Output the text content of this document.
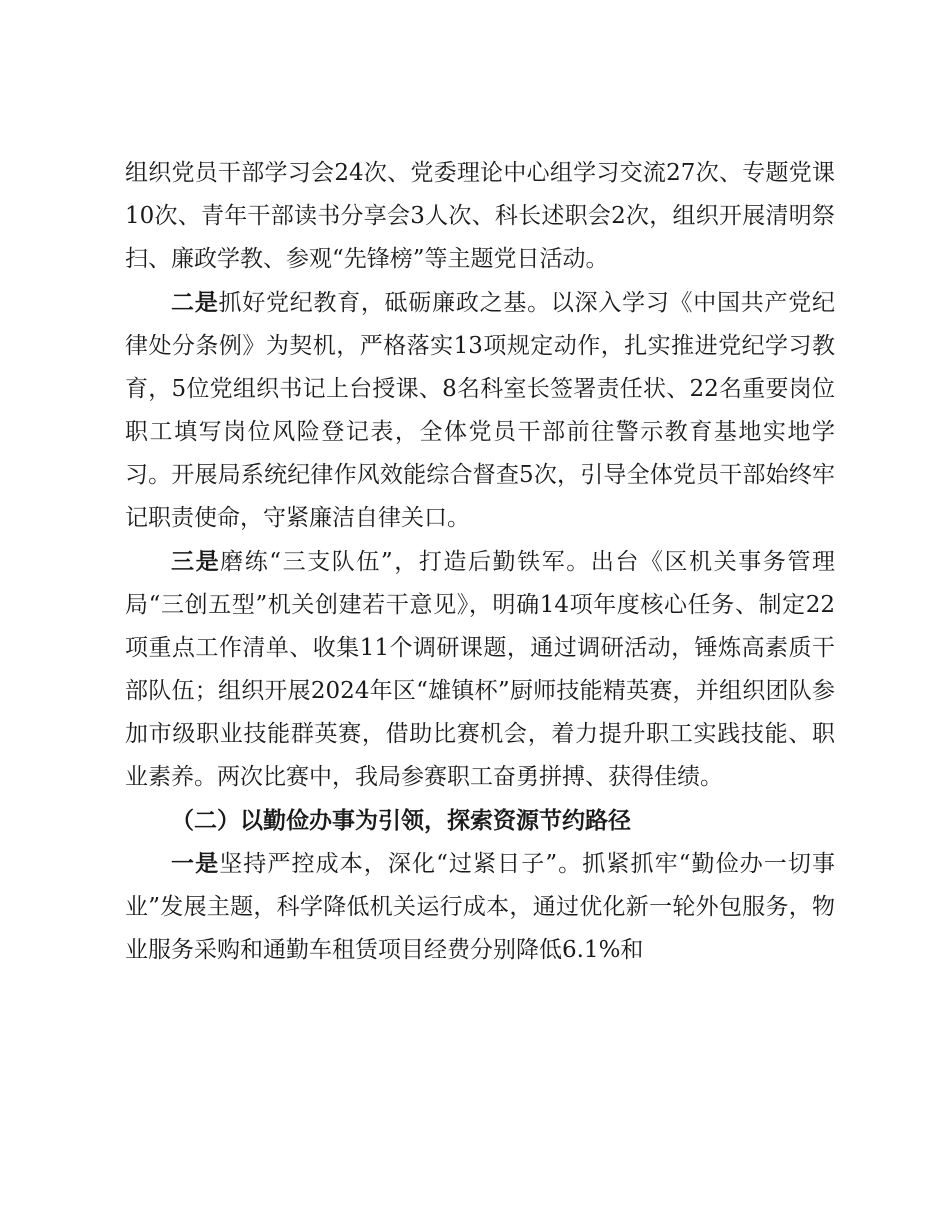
组织党员干部学习会24次、党委理论中心组学习交流27次、专题党课10次、青年干部读书分享会3人次、科长述职会2次，组织开展清明祭扫、廉政学教、参观“先锋榜”等主题党日活动。

二是抓好党纪教育，砥砺廉政之基。以深入学习《中国共产党纪律处分条例》为契机，严格落实13项规定动作，扎实推进党纪学习教育，5位党组织书记上台授课、8名科室长签署责任状、22名重要岗位职工填写岗位风险登记表，全体党员干部前往警示教育基地实地学习。开展局系统纪律作风效能综合督查5次，引导全体党员干部始终牢记职责使命，守紧廉洁自律关口。

三是磨练“三支队伍”，打造后勤铁军。出台《区机关事务管理局“三创五型”机关创建若干意见》，明确14项年度核心任务、制定22项重点工作清单、收集11个调研课题，通过调研活动，锤炼高素质干部队伍；组织开展2024年区“雄镇杯”厨师技能精英赛，并组织团队参加市级职业技能群英赛，借助比赛机会，着力提升职工实践技能、职业素养。两次比赛中，我局参赛职工奋勇拼搏、获得佳绩。

（二）以勤俭办事为引领，探索资源节约路径

一是坚持严控成本，深化“过紧日子”。抓紧抓牢“勤俭办一切事业”发展主题，科学降低机关运行成本，通过优化新一轮外包服务，物业服务采购和通勤车租赁项目经费分别降低6.1%和
